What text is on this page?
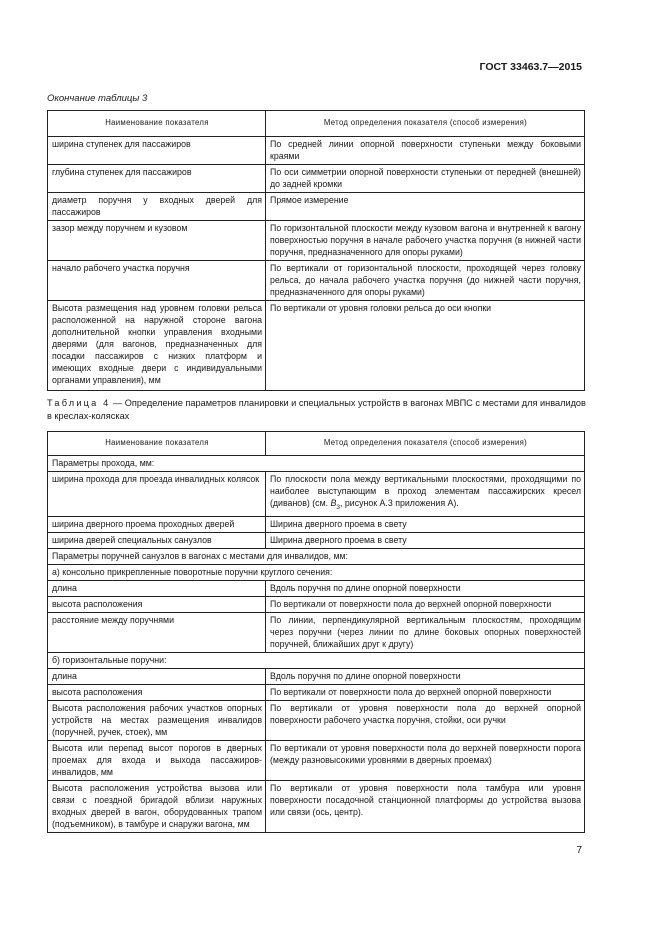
ГОСТ 33463.7—2015
Окончание таблицы 3
Наименование показателя	Метод определения показателя (способ измерения)
ширина ступенек для пассажиров	По средней линии опорной поверхности ступеньки между боковыми краями
глубина ступенек для пассажиров	По оси симметрии опорной поверхности ступеньки от передней (внешней) до задней кромки
диаметр поручня у входных дверей для пассажиров	Прямое измерение
зазор между поручнем и кузовом	По горизонтальной плоскости между кузовом вагона и внутренней к вагону поверхностью поручня в начале рабочего участка поручня (в нижней части поручня, предназначенного для опоры руками)
начало рабочего участка поручня	По вертикали от горизонтальной плоскости, проходящей через головку рельса, до начала рабочего участка поручня (до нижней части поручня, предназначенного для опоры руками)
Высота размещения над уровнем головки рельса расположенной на наружной стороне вагона дополнительной кнопки управления входными дверями (для вагонов, предназначенных для посадки пассажиров с низких платформ и имеющих входные двери с индивидуальными органами управления), мм	По вертикали от уровня головки рельса до оси кнопки
Таблица 4 — Определение параметров планировки и специальных устройств в вагонах МВПС с местами для инвалидов в креслах-колясках
Наименование показателя	Метод определения показателя (способ измерения)
Параметры прохода, мм:	
ширина прохода для проезда инвалидных колясок	По плоскости пола между вертикальными плоскостями, проходящими по наиболее выступающим в проход элементам пассажирских кресел (диванов) (см. $B_3$, рисунок А.3 приложения А).
ширина дверного проема проходных дверей	Ширина дверного проема в свету
ширина дверей специальных санузлов	Ширина дверного проема в свету
Параметры поручней санузлов в вагонах с местами для инвалидов, мм:	
а) консольно прикрепленные поворотные поручни круглого сечения:	
длина	Вдоль поручня по длине опорной поверхности
высота расположения	По вертикали от поверхности пола до верхней опорной поверхности
расстояние между поручнями	По линии, перпендикулярной вертикальным плоскостям, проходящим через поручни (через линии по длине боковых опорных поверхностей поручней, ближайших друг к другу)
б) горизонтальные поручни:	
длина	Вдоль поручня по длине опорной поверхности
высота расположения	По вертикали от поверхности пола до верхней опорной поверхности
Высота расположения рабочих участков опорных устройств на местах размещения инвалидов (поручней, ручек, стоек), мм	По вертикали от уровня поверхности пола до верхней опорной поверхности рабочего участка поручня, стойки, оси ручки
Высота или перепад высот порогов в дверных проемах для входа и выхода пассажиров-инвалидов, мм	По вертикали от уровня поверхности пола до верхней поверхности порога (между разновысокими уровнями в дверных проемах)
Высота расположения устройства вызова или связи с поездной бригадой вблизи наружных входных дверей в вагон, оборудованных трапом (подъемником), в тамбуре и снаружи вагона, мм	По вертикали от уровня поверхности пола тамбура или уровня поверхности посадочной станционной платформы до устройства вызова или связи (ось, центр).
7
